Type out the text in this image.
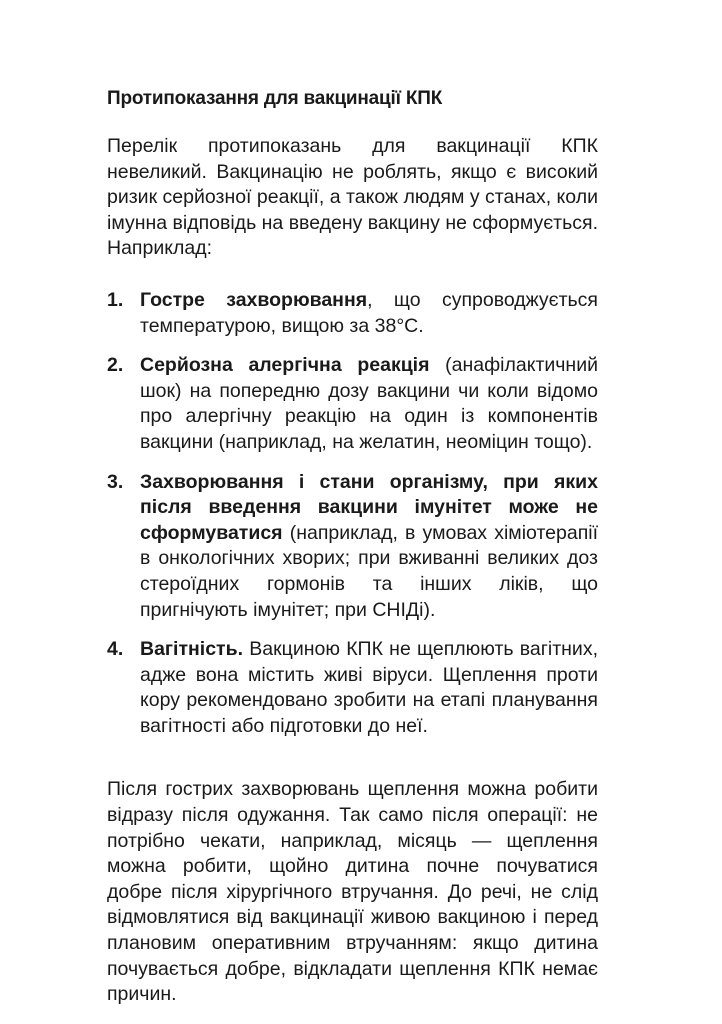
Протипоказання для вакцинації КПК

Перелік протипоказань для вакцинації КПК невеликий. Вакцинацію не роблять, якщо є високий ризик серйозної реакції, а також людям у станах, коли імунна відповідь на введену вакцину не сформується. Наприклад:

1. Гостре захворювання, що супроводжується температурою, вищою за 38°C.

2. Серйозна алергічна реакція (анафілактичний шок) на попередню дозу вакцини чи коли відомо про алергічну реакцію на один із компонентів вакцини (наприклад, на желатин, неоміцин тощо).

3. Захворювання і стани організму, при яких після введення вакцини імунітет може не сформуватися (наприклад, в умовах хіміотерапії в онкологічних хворих; при вживанні великих доз стероїдних гормонів та інших ліків, що пригнічують імунітет; при СНІДі).

4. Вагітність. Вакциною КПК не щеплюють вагітних, адже вона містить живі віруси. Щеплення проти кору рекомендовано зробити на етапі планування вагітності або підготовки до неї.

Після гострих захворювань щеплення можна робити відразу після одужання. Так само після операції: не потрібно чекати, наприклад, місяць — щеплення можна робити, щойно дитина почне почуватися добре після хірургічного втручання. До речі, не слід відмовлятися від вакцинації живою вакциною і перед плановим оперативним втручанням: якщо дитина почувається добре, відкладати щеплення КПК немає причин.
